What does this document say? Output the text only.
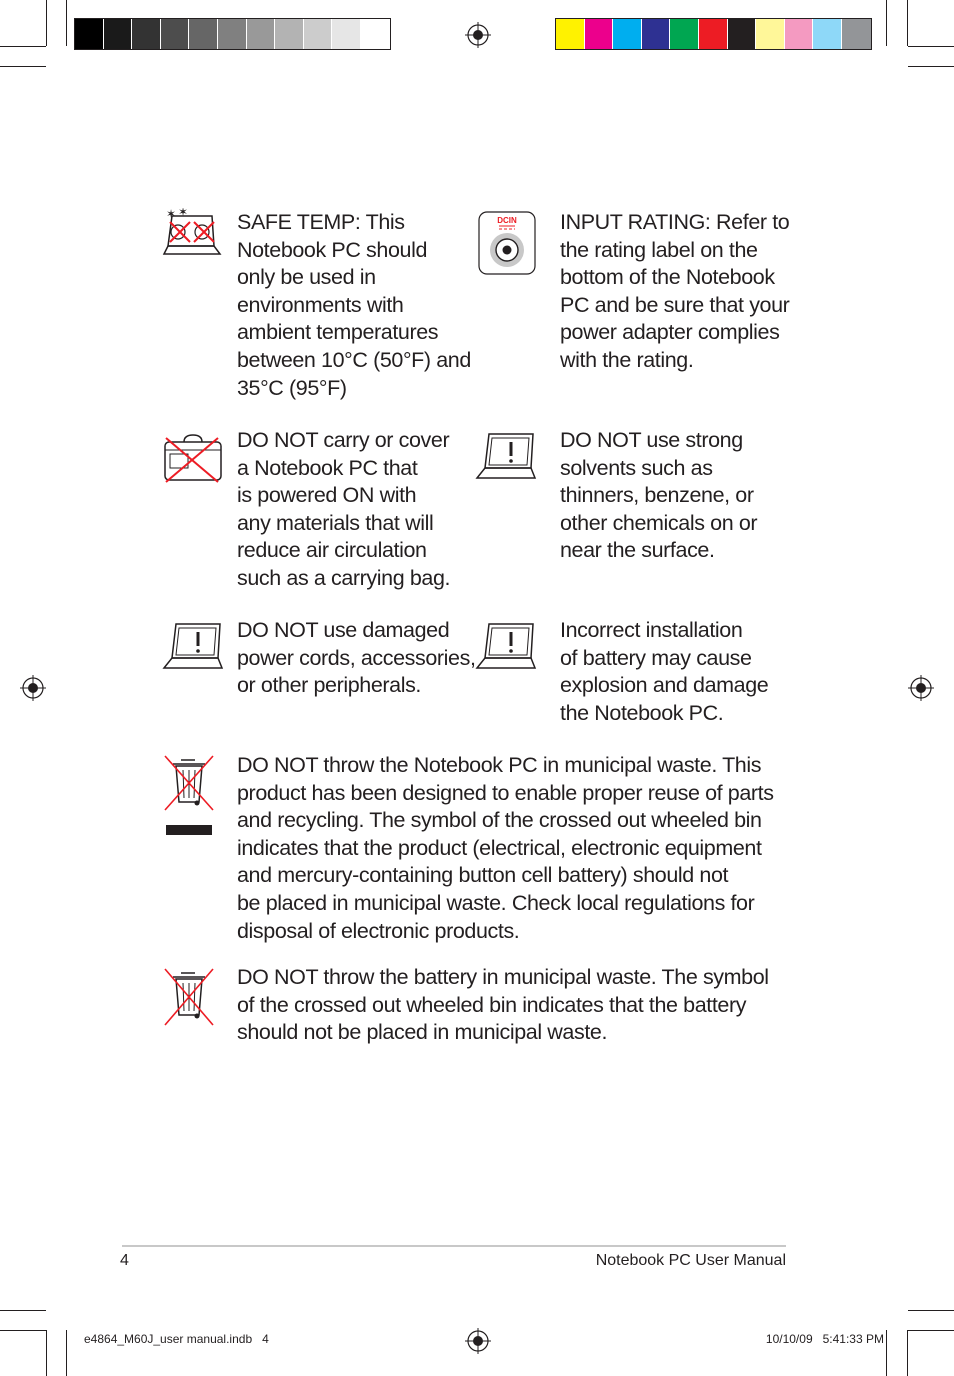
✶ ✶ SAFE TEMP: This
Notebook PC should
only be used in
environments with
ambient temperatures
between 10°C (50°F) and
35°C (95°F)
DCIN INPUT RATING: Refer to
the rating label on the
bottom of the Notebook
PC and be sure that your
power adapter complies
with the rating.
DO NOT carry or cover
a Notebook PC that
is powered ON with
any materials that will
reduce air circulation
such as a carrying bag.
DO NOT use strong
solvents such as
thinners, benzene, or
other chemicals on or
near the surface.
DO NOT use damaged
power cords, accessories,
or other peripherals.
Incorrect installation
of battery may cause
explosion and damage
the Notebook PC.
DO NOT throw the Notebook PC in municipal waste. This
product has been designed to enable proper reuse of parts
and recycling. The symbol of the crossed out wheeled bin
indicates that the product (electrical, electronic equipment
and mercury-containing button cell battery) should not
be placed in municipal waste. Check local regulations for
disposal of electronic products.
DO NOT throw the battery in municipal waste. The symbol
of the crossed out wheeled bin indicates that the battery
should not be placed in municipal waste.
4	Notebook PC User Manual
e4864_M60J_user manual.indb   4	10/10/09   5:41:33 PM
